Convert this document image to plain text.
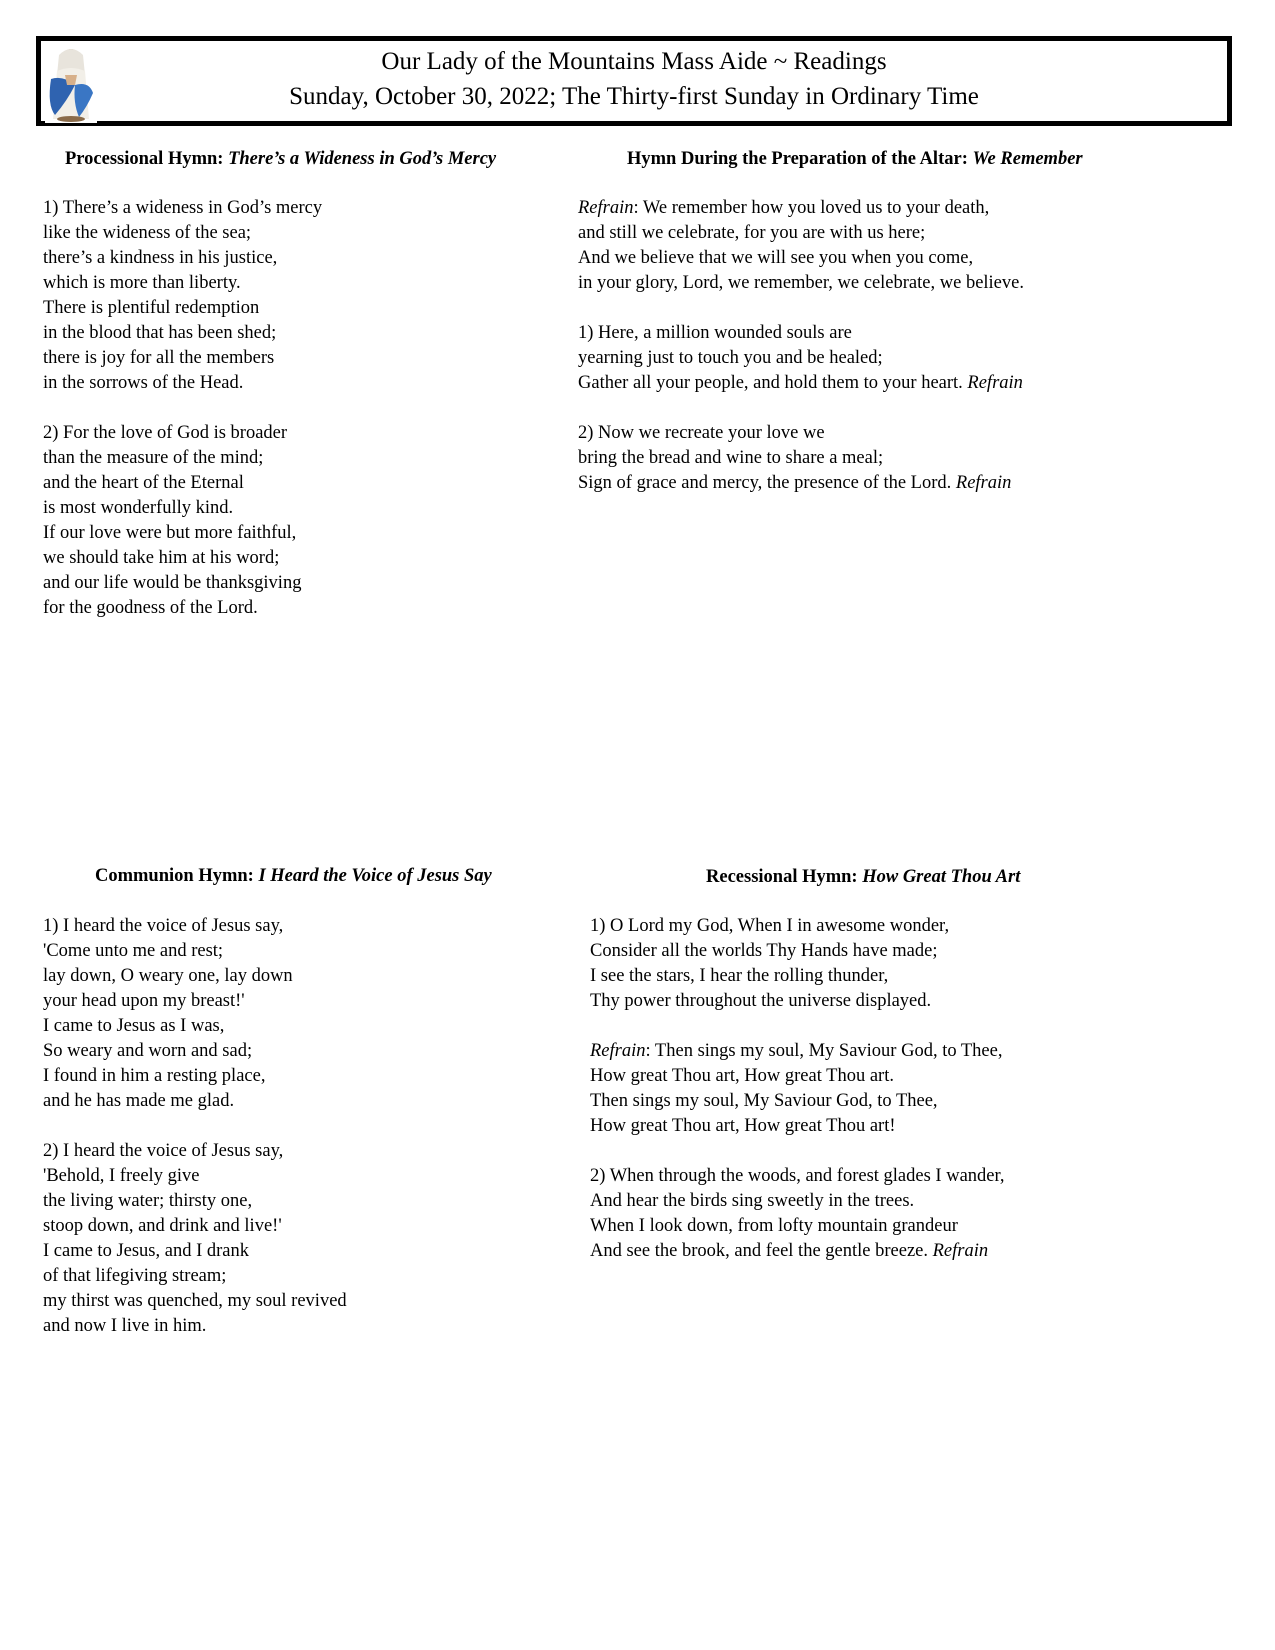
Our Lady of the Mountains Mass Aide ~ Readings
Sunday, October 30, 2022; The Thirty-first Sunday in Ordinary Time
Processional Hymn: There’s a Wideness in God’s Mercy
1) There’s a wideness in God’s mercy
like the wideness of the sea;
there’s a kindness in his justice,
which is more than liberty.
There is plentiful redemption
in the blood that has been shed;
there is joy for all the members
in the sorrows of the Head.
2) For the love of God is broader
than the measure of the mind;
and the heart of the Eternal
is most wonderfully kind.
If our love were but more faithful,
we should take him at his word;
and our life would be thanksgiving
for the goodness of the Lord.
Hymn During the Preparation of the Altar: We Remember
Refrain: We remember how you loved us to your death,
and still we celebrate, for you are with us here;
And we believe that we will see you when you come,
in your glory, Lord, we remember, we celebrate, we believe.
1) Here, a million wounded souls are
yearning just to touch you and be healed;
Gather all your people, and hold them to your heart. Refrain
2) Now we recreate your love we
bring the bread and wine to share a meal;
Sign of grace and mercy, the presence of the Lord. Refrain
Communion Hymn: I Heard the Voice of Jesus Say
1) I heard the voice of Jesus say,
'Come unto me and rest;
lay down, O weary one, lay down
your head upon my breast!'
I came to Jesus as I was,
So weary and worn and sad;
I found in him a resting place,
and he has made me glad.
2) I heard the voice of Jesus say,
'Behold, I freely give
the living water; thirsty one,
stoop down, and drink and live!'
I came to Jesus, and I drank
of that lifegiving stream;
my thirst was quenched, my soul revived
and now I live in him.
Recessional Hymn: How Great Thou Art
1) O Lord my God, When I in awesome wonder,
Consider all the worlds Thy Hands have made;
I see the stars, I hear the rolling thunder,
Thy power throughout the universe displayed.
Refrain: Then sings my soul, My Saviour God, to Thee,
How great Thou art, How great Thou art.
Then sings my soul, My Saviour God, to Thee,
How great Thou art, How great Thou art!
2) When through the woods, and forest glades I wander,
And hear the birds sing sweetly in the trees.
When I look down, from lofty mountain grandeur
And see the brook, and feel the gentle breeze. Refrain
